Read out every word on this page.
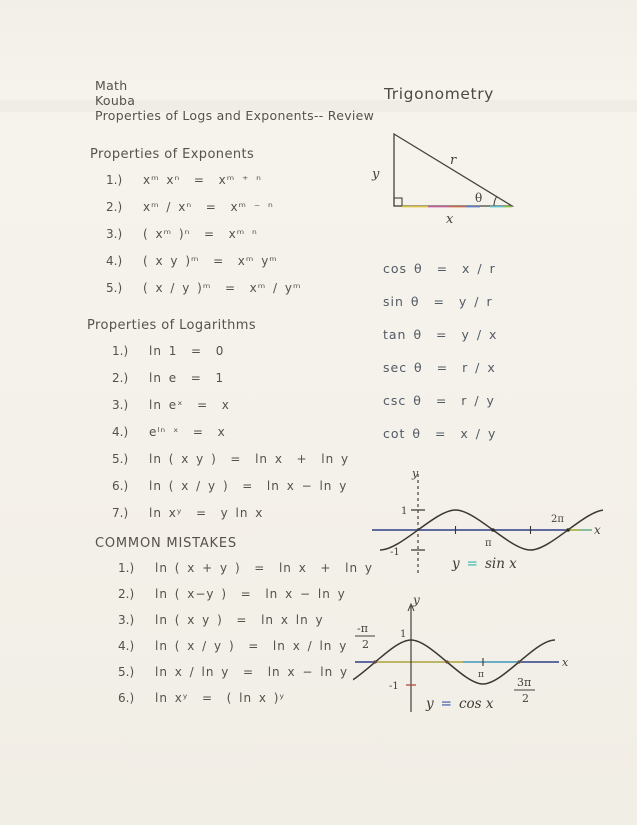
Math
Kouba
Properties of Logs and Exponents-- Review
Trigonometry
Properties of Exponents
1.) xᵐ xⁿ  =  xᵐ ⁺ ⁿ
2.) xᵐ / xⁿ  =  xᵐ ⁻ ⁿ
3.) ( xᵐ )ⁿ  =  xᵐ ⁿ
4.) ( x y )ᵐ  =  xᵐ yᵐ
5.) ( x / y )ᵐ  =  xᵐ / yᵐ
Properties of Logarithms
1.) ln 1  =  0
2.) ln e  =  1
3.) ln eˣ  =  x
4.) eˡⁿ ˣ  =  x
5.) ln ( x y )  =  ln x  +  ln y
6.) ln ( x / y )  =  ln x − ln y
7.) ln xʸ  =  y ln x
COMMON MISTAKES
1.) ln ( x + y )  =  ln x  +  ln y
2.) ln ( x−y )  =  ln x − ln y
3.) ln ( x y )  =  ln x ln y
4.) ln ( x / y )  =  ln x / ln y
5.) ln x / ln y  =  ln x − ln y
6.) ln xʸ  =  ( ln x )ʸ
y
r
θ
x
cos θ  =  x / r
sin θ  =  y / r
tan θ  =  y / x
sec θ  =  r / x
csc θ  =  r / y
cot θ  =  x / y
y
1
-1
π
2π
x
y = sin x
1
-1
π
-π
2
3π
2
y
x
y = cos x
